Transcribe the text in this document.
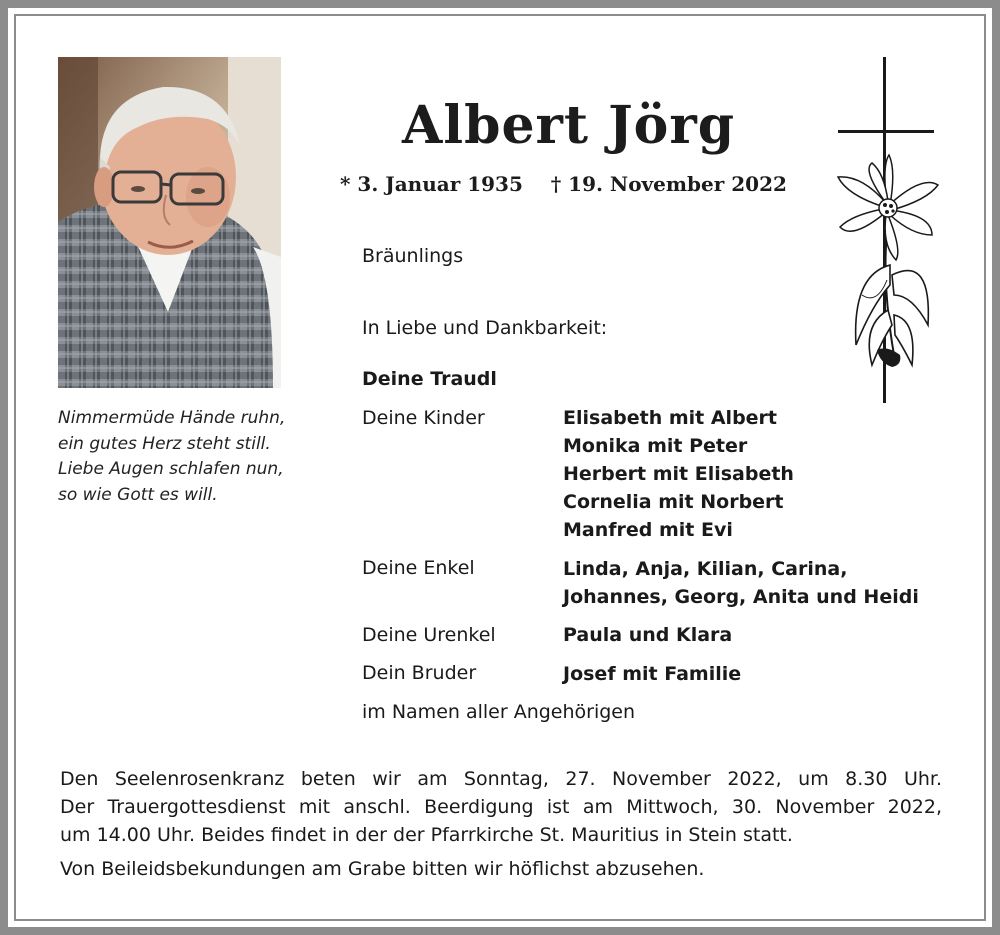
Nimmermüde Hände ruhn,
ein gutes Herz steht still.
Liebe Augen schlafen nun,
so wie Gott es will.
Albert Jörg
* 3. Januar 1935 † 19. November 2022
Bräunlings
In Liebe und Dankbarkeit:
Deine Traudl
Deine Kinder	Elisabeth mit Albert
Monika mit Peter
Herbert mit Elisabeth
Cornelia mit Norbert
Manfred mit Evi
Deine Enkel	Linda, Anja, Kilian, Carina,
Johannes, Georg, Anita und Heidi
Deine Urenkel	Paula und Klara
Dein Bruder	Josef mit Familie
im Namen aller Angehörigen
Den Seelenrosenkranz beten wir am Sonntag, 27. November 2022, um 8.30 Uhr.
Der Trauergottesdienst mit anschl. Beerdigung ist am Mittwoch, 30. November 2022,
um 14.00 Uhr. Beides findet in der der Pfarrkirche St. Mauritius in Stein statt.
Von Beileidsbekundungen am Grabe bitten wir höflichst abzusehen.
